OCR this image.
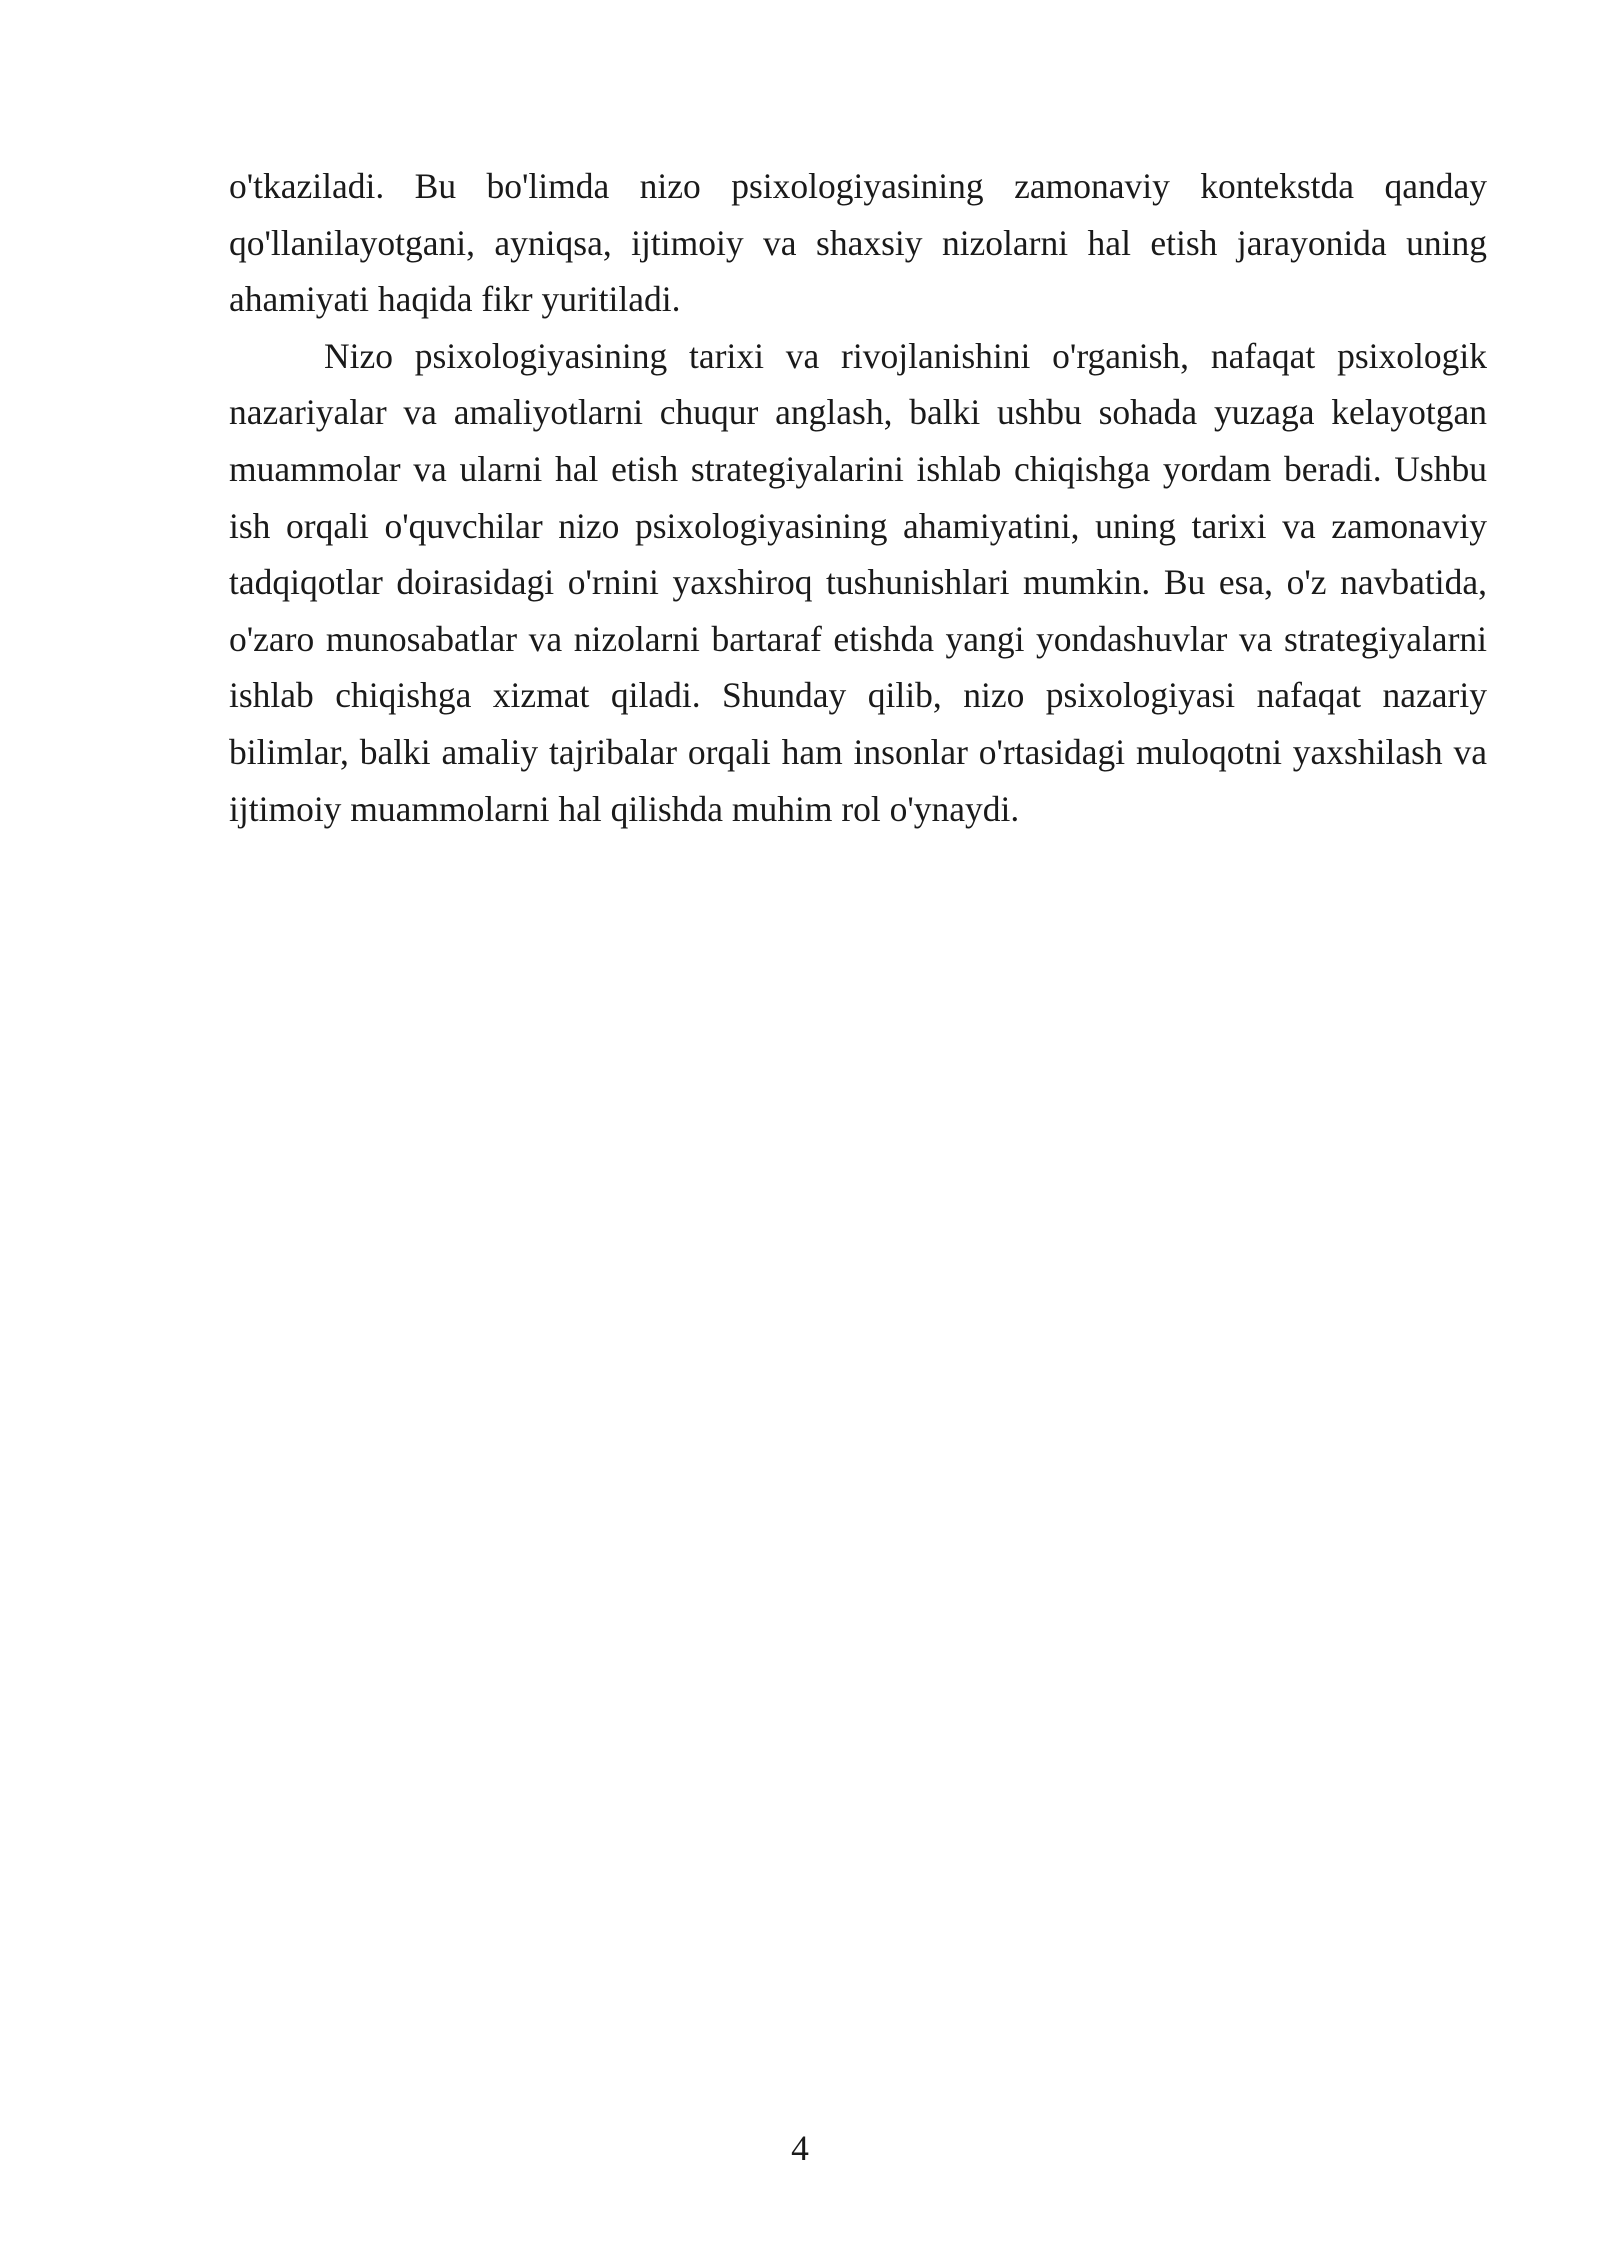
o'tkaziladi. Bu bo'limda nizo psixologiyasining zamonaviy kontekstda qanday qo'llanilayotgani, ayniqsa, ijtimoiy va shaxsiy nizolarni hal etish jarayonida uning ahamiyati haqida fikr yuritiladi.

Nizo psixologiyasining tarixi va rivojlanishini o'rganish, nafaqat psixologik nazariyalar va amaliyotlarni chuqur anglash, balki ushbu sohada yuzaga kelayotgan muammolar va ularni hal etish strategiyalarini ishlab chiqishga yordam beradi. Ushbu ish orqali o'quvchilar nizo psixologiyasining ahamiyatini, uning tarixi va zamonaviy tadqiqotlar doirasidagi o'rnini yaxshiroq tushunishlari mumkin. Bu esa, o'z navbatida, o'zaro munosabatlar va nizolarni bartaraf etishda yangi yondashuvlar va strategiyalarni ishlab chiqishga xizmat qiladi. Shunday qilib, nizo psixologiyasi nafaqat nazariy bilimlar, balki amaliy tajribalar orqali ham insonlar o'rtasidagi muloqotni yaxshilash va ijtimoiy muammolarni hal qilishda muhim rol o'ynaydi.

4
